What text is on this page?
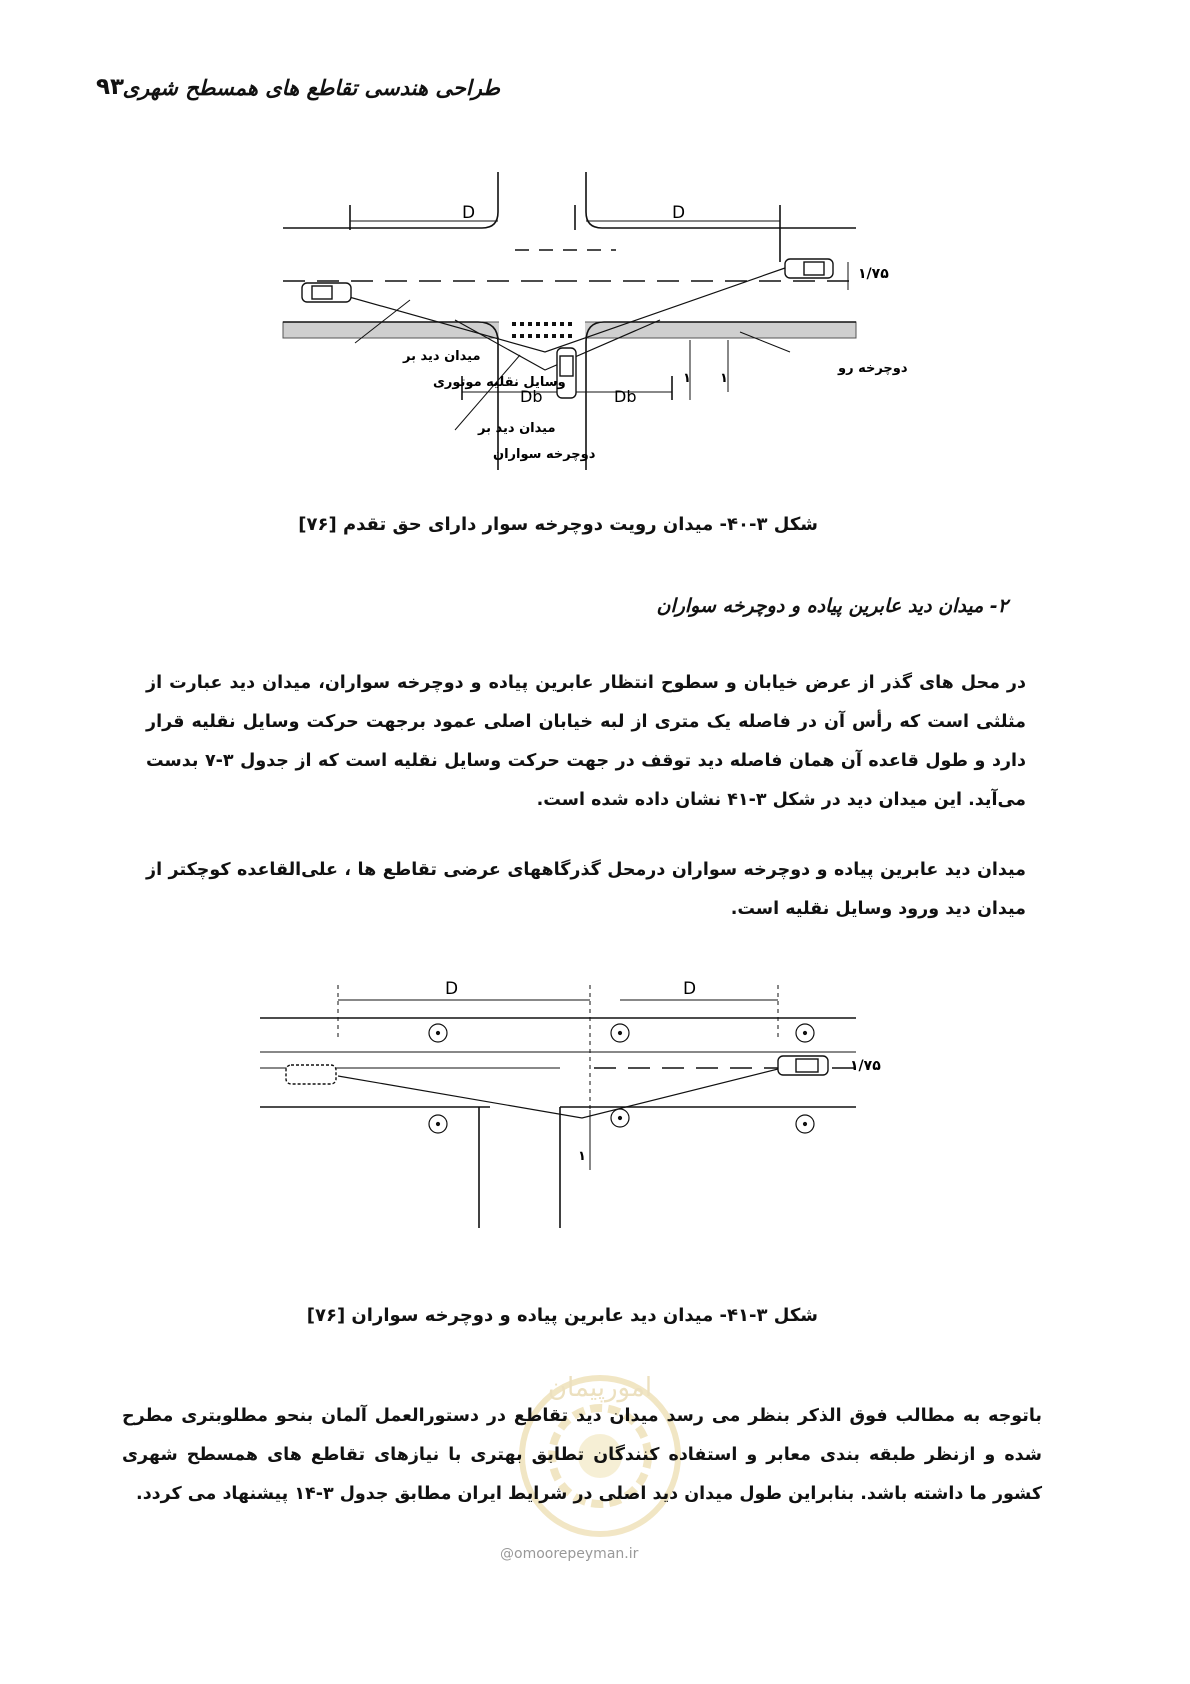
۹۳
طراحی هندسی تقاطع های همسطح شهری
D	D
Db	Db
۱/۷۵
۱ ۱
میدان دید بر
وسایل نقلیه موتوری
میدان دید بر
دوچرخه سواران
دوچرخه رو
D	D
۱/۷۵
۱
امورپیمان
شکل ۳-۴۰- میدان رویت دوچرخه سوار دارای حق تقدم [۷۶]
۲- میدان دید عابرین پیاده و دوچرخه سواران
در محل های گذر از عرض خیابان و سطوح انتظار عابرین پیاده و دوچرخه سواران، میدان دید عبارت از مثلثی است که رأس آن در فاصله یک متری از لبه خیابان اصلی عمود برجهت حرکت وسایل نقلیه قرار دارد و طول قاعده آن همان فاصله دید توقف در جهت حرکت وسایل نقلیه است که از جدول ۳-۷ بدست می‌آید. این میدان دید در شکل ۳-۴۱ نشان داده شده است.
میدان دید عابرین پیاده و دوچرخه سواران درمحل گذرگاههای عرضی تقاطع ها ، علی‌القاعده کوچکتر از میدان دید ورود وسایل نقلیه است.
شکل ۳-۴۱- میدان دید عابرین پیاده و دوچرخه سواران [۷۶]
باتوجه به مطالب فوق الذکر بنظر می رسد میدان دید تقاطع در دستورالعمل آلمان بنحو مطلوبتری مطرح شده و ازنظر طبقه بندی معابر و استفاده کنندگان تطابق بهتری با نیازهای تقاطع های همسطح شهری کشور ما داشته باشد. بنابراین طول میدان دید اصلی در شرایط ایران مطابق جدول ۳-۱۴ پیشنهاد می کردد.
@omoorepeyman.ir
